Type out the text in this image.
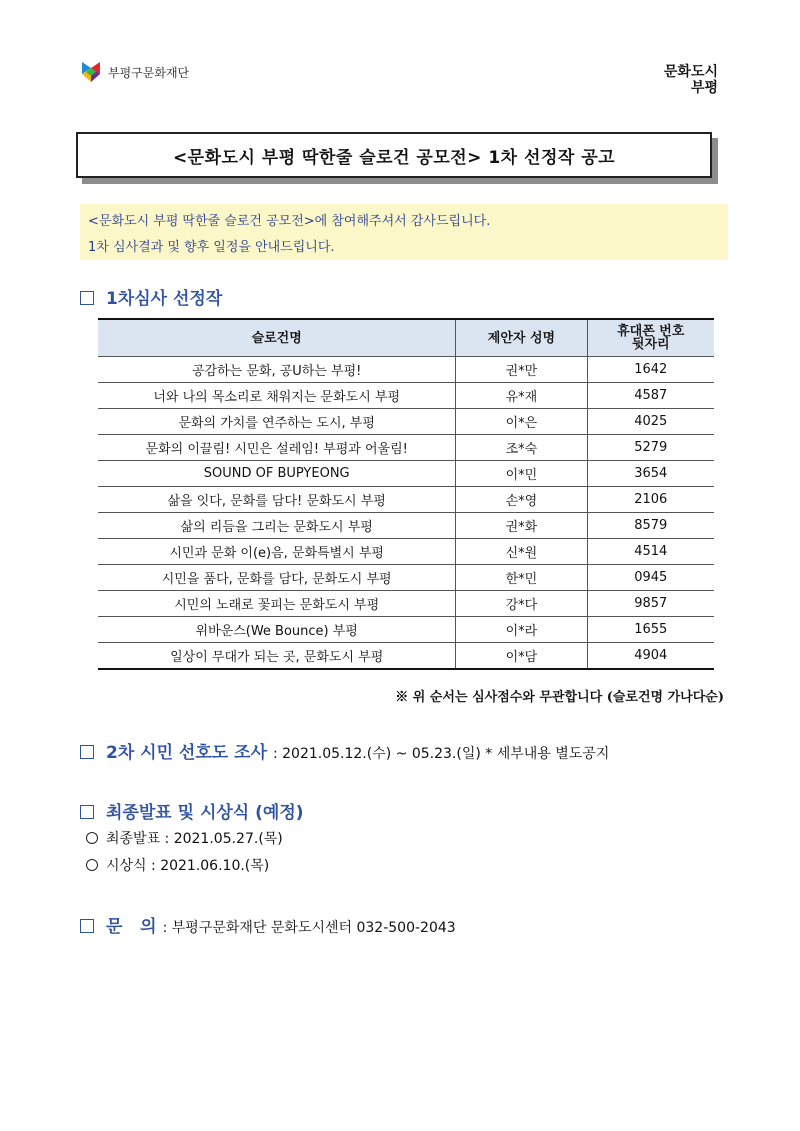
부평구문화재단	문화도시
부평
<문화도시 부평 딱한줄 슬로건 공모전> 1차 선정작 공고
<문화도시 부평 딱한줄 슬로건 공모전>에 참여해주셔서 감사드립니다.
1차 심사결과 및 향후 일정을 안내드립니다.
1차심사 선정작
슬로건명	제안자 성명	휴대폰 번호
뒷자리

공감하는 문화, 공U하는 부평!	권*만	1642
너와 나의 목소리로 채워지는 문화도시 부평	유*재	4587
문화의 가치를 연주하는 도시, 부평	이*은	4025
문화의 이끌림! 시민은 설레임! 부평과 어울림!	조*숙	5279
SOUND OF BUPYEONG	이*민	3654
삶을 잇다, 문화를 담다! 문화도시 부평	손*영	2106
삶의 리듬을 그리는 문화도시 부평	권*화	8579
시민과 문화 이(e)음, 문화특별시 부평	신*원	4514
시민을 품다, 문화를 담다, 문화도시 부평	한*민	0945
시민의 노래로 꽃피는 문화도시 부평	강*다	9857
위바운스(We Bounce) 부평	이*라	1655
일상이 무대가 되는 곳, 문화도시 부평	이*담	4904
※ 위 순서는 심사점수와 무관합니다 (슬로건명 가나다순)
2차 시민 선호도 조사 : 2021.05.12.(수) ~ 05.23.(일) * 세부내용 별도공지
최종발표 및 시상식 (예정)
최종발표 : 2021.05.27.(목)
시상식 : 2021.06.10.(목)
문   의 : 부평구문화재단 문화도시센터 032-500-2043
